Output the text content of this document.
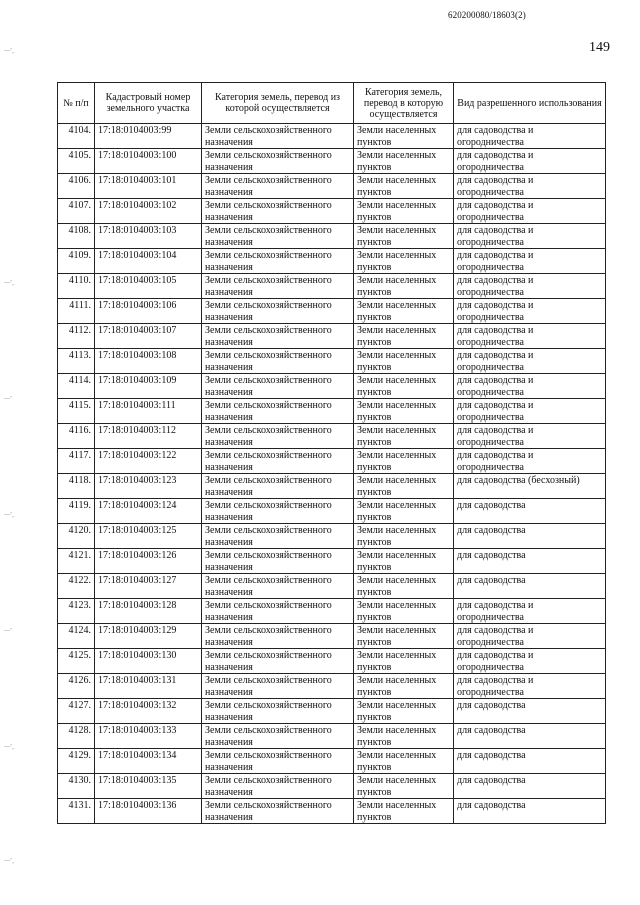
620200080/18603(2)
149
—’¸
—’¸
—’
—’¸
—’
—’¸
—’¸
№ п/п	Кадастровый номер земельного участка	Категория земель, перевод из которой осуществляется	Категория земель, перевод в которую осуществляется	Вид разрешенного использования
4104.	17:18:0104003:99	Земли сельскохозяйственного назначения	Земли населенных пунктов	для садоводства и огородничества
4105.	17:18:0104003:100	Земли сельскохозяйственного назначения	Земли населенных пунктов	для садоводства и огородничества
4106.	17:18:0104003:101	Земли сельскохозяйственного назначения	Земли населенных пунктов	для садоводства и огородничества
4107.	17:18:0104003:102	Земли сельскохозяйственного назначения	Земли населенных пунктов	для садоводства и огородничества
4108.	17:18:0104003:103	Земли сельскохозяйственного назначения	Земли населенных пунктов	для садоводства и огородничества
4109.	17:18:0104003:104	Земли сельскохозяйственного назначения	Земли населенных пунктов	для садоводства и огородничества
4110.	17:18:0104003:105	Земли сельскохозяйственного назначения	Земли населенных пунктов	для садоводства и огородничества
4111.	17:18:0104003:106	Земли сельскохозяйственного назначения	Земли населенных пунктов	для садоводства и огородничества
4112.	17:18:0104003:107	Земли сельскохозяйственного назначения	Земли населенных пунктов	для садоводства и огородничества
4113.	17:18:0104003:108	Земли сельскохозяйственного назначения	Земли населенных пунктов	для садоводства и огородничества
4114.	17:18:0104003:109	Земли сельскохозяйственного назначения	Земли населенных пунктов	для садоводства и огородничества
4115.	17:18:0104003:111	Земли сельскохозяйственного назначения	Земли населенных пунктов	для садоводства и огородничества
4116.	17:18:0104003:112	Земли сельскохозяйственного назначения	Земли населенных пунктов	для садоводства и огородничества
4117.	17:18:0104003:122	Земли сельскохозяйственного назначения	Земли населенных пунктов	для садоводства и огородничества
4118.	17:18:0104003:123	Земли сельскохозяйственного назначения	Земли населенных пунктов	для садоводства (бесхозный)
4119.	17:18:0104003:124	Земли сельскохозяйственного назначения	Земли населенных пунктов	для садоводства
4120.	17:18:0104003:125	Земли сельскохозяйственного назначения	Земли населенных пунктов	для садоводства
4121.	17:18:0104003:126	Земли сельскохозяйственного назначения	Земли населенных пунктов	для садоводства
4122.	17:18:0104003:127	Земли сельскохозяйственного назначения	Земли населенных пунктов	для садоводства
4123.	17:18:0104003:128	Земли сельскохозяйственного назначения	Земли населенных пунктов	для садоводства и огородничества
4124.	17:18:0104003:129	Земли сельскохозяйственного назначения	Земли населенных пунктов	для садоводства и огородничества
4125.	17:18:0104003:130	Земли сельскохозяйственного назначения	Земли населенных пунктов	для садоводства и огородничества
4126.	17:18:0104003:131	Земли сельскохозяйственного назначения	Земли населенных пунктов	для садоводства и огородничества
4127.	17:18:0104003:132	Земли сельскохозяйственного назначения	Земли населенных пунктов	для садоводства
4128.	17:18:0104003:133	Земли сельскохозяйственного назначения	Земли населенных пунктов	для садоводства
4129.	17:18:0104003:134	Земли сельскохозяйственного назначения	Земли населенных пунктов	для садоводства
4130.	17:18:0104003:135	Земли сельскохозяйственного назначения	Земли населенных пунктов	для садоводства
4131.	17:18:0104003:136	Земли сельскохозяйственного назначения	Земли населенных пунктов	для садоводства
